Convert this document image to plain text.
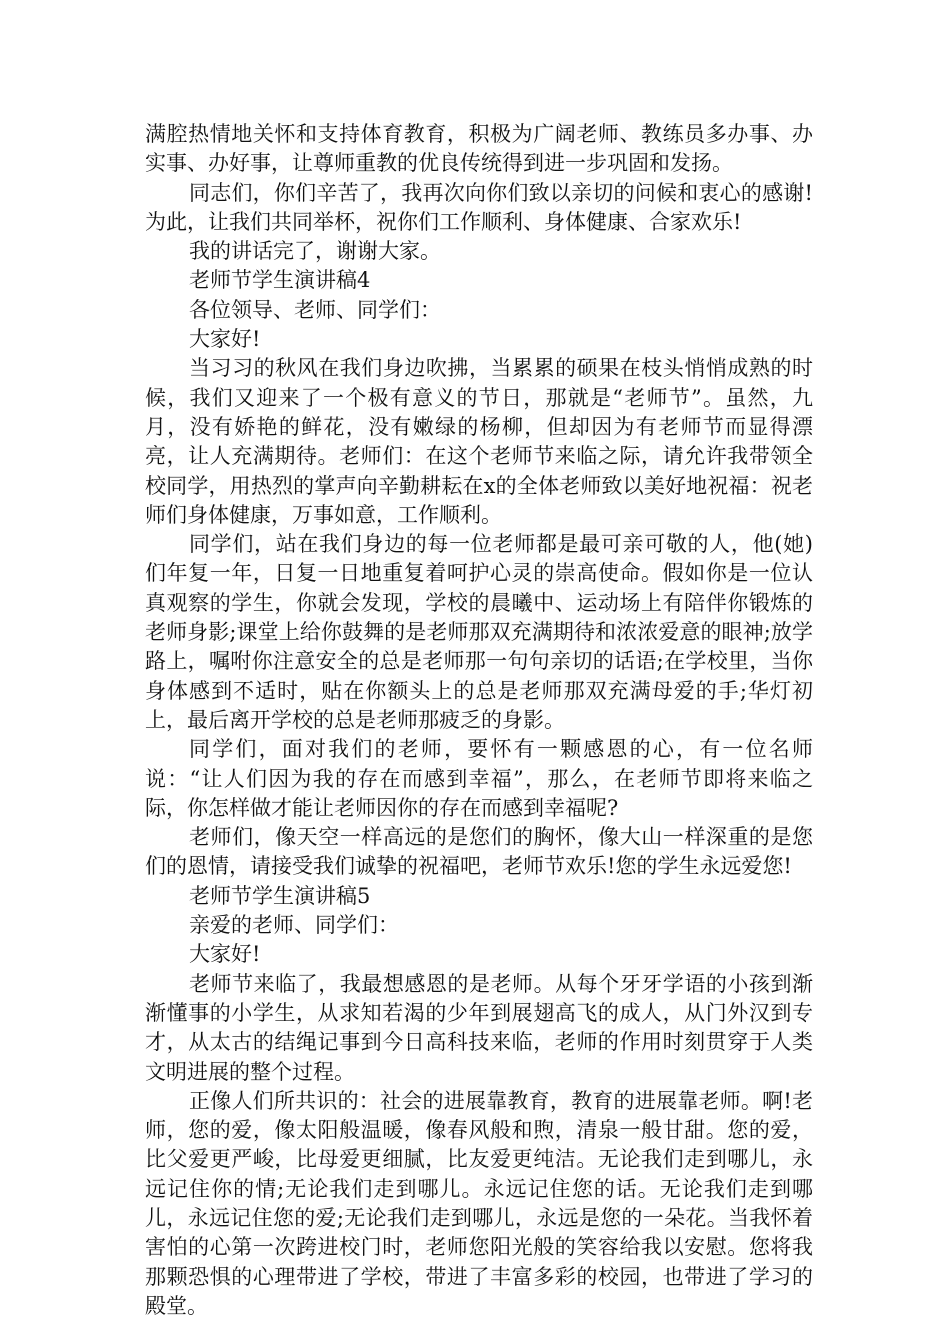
满腔热情地关怀和支持体育教育，积极为广阔老师、教练员多办事、办实事、办好事，让尊师重教的优良传统得到进一步巩固和发扬。

同志们，你们辛苦了，我再次向你们致以亲切的问候和衷心的感谢!为此，让我们共同举杯，祝你们工作顺利、身体健康、合家欢乐!

我的讲话完了，谢谢大家。

老师节学生演讲稿4

各位领导、老师、同学们：

大家好!

当习习的秋风在我们身边吹拂，当累累的硕果在枝头悄悄成熟的时候，我们又迎来了一个极有意义的节日，那就是“老师节”。虽然，九月，没有娇艳的鲜花，没有嫩绿的杨柳，但却因为有老师节而显得漂亮，让人充满期待。老师们：在这个老师节来临之际，请允许我带领全校同学，用热烈的掌声向辛勤耕耘在x的全体老师致以美好地祝福：祝老师们身体健康，万事如意，工作顺利。

同学们，站在我们身边的每一位老师都是最可亲可敬的人，他(她)们年复一年，日复一日地重复着呵护心灵的崇高使命。假如你是一位认真观察的学生，你就会发现，学校的晨曦中、运动场上有陪伴你锻炼的老师身影;课堂上给你鼓舞的是老师那双充满期待和浓浓爱意的眼神;放学路上，嘱咐你注意安全的总是老师那一句句亲切的话语;在学校里，当你身体感到不适时，贴在你额头上的总是老师那双充满母爱的手;华灯初上，最后离开学校的总是老师那疲乏的身影。

同学们，面对我们的老师，要怀有一颗感恩的心，有一位名师说：“让人们因为我的存在而感到幸福”，那么，在老师节即将来临之际，你怎样做才能让老师因你的存在而感到幸福呢?

老师们，像天空一样高远的是您们的胸怀，像大山一样深重的是您们的恩情，请接受我们诚挚的祝福吧，老师节欢乐!您的学生永远爱您!

老师节学生演讲稿5

亲爱的老师、同学们：

大家好!

老师节来临了，我最想感恩的是老师。从每个牙牙学语的小孩到渐渐懂事的小学生，从求知若渴的少年到展翅高飞的成人，从门外汉到专才，从太古的结绳记事到今日高科技来临，老师的作用时刻贯穿于人类文明进展的整个过程。

正像人们所共识的：社会的进展靠教育，教育的进展靠老师。啊!老师，您的爱，像太阳般温暖，像春风般和煦，清泉一般甘甜。您的爱，比父爱更严峻，比母爱更细腻，比友爱更纯洁。无论我们走到哪儿，永远记住你的情;无论我们走到哪儿。永远记住您的话。无论我们走到哪儿，永远记住您的爱;无论我们走到哪儿，永远是您的一朵花。当我怀着害怕的心第一次跨进校门时，老师您阳光般的笑容给我以安慰。您将我那颗恐惧的心理带进了学校，带进了丰富多彩的校园，也带进了学习的殿堂。
